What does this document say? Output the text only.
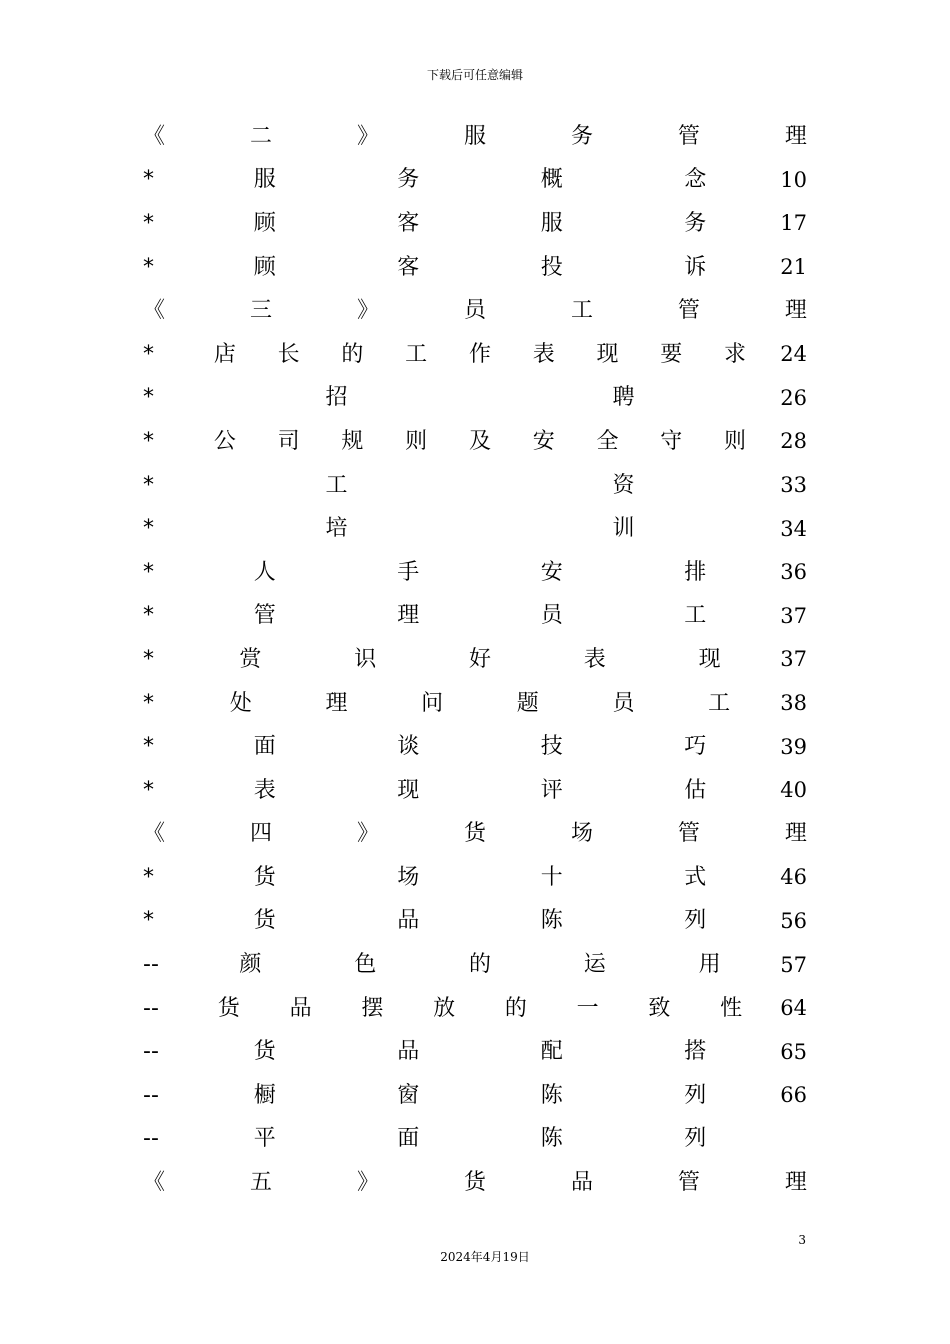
下载后可任意编辑
《	二	》	服	务	管	理
*	服	务	概	念	10
*	顾	客	服	务	17
*	顾	客	投	诉	21
《	三	》	员	工	管	理
*	店 长 的 工 作 表 现 要 求	24
*	招	聘	26
*	公 司 规 则 及 安 全 守 则	28
*	工	资	33
*	培	训	34
*	人	手	安	排	36
*	管	理	员	工	37
*	赏	识	好	表	现	37
*	处	理	问	题	员	工	38
*	面	谈	技	巧	39
*	表	现	评	估	40
《	四	》	货	场	管	理
*	货	场	十	式	46
*	货	品	陈	列	56
--	颜	色	的	运	用	57
--	货 品 摆 放 的 一 致 性	64
--	货	品	配	搭	65
--	橱	窗	陈	列	66
--	平	面	陈	列
《	五	》	货	品	管	理
3
2024年4月19日
